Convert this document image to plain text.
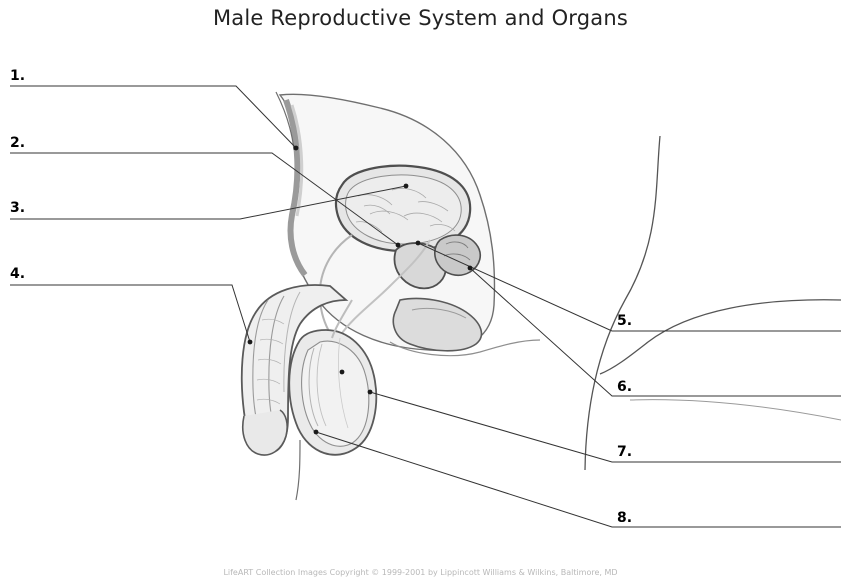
Male Reproductive System and Organs
1.
2.
3.
4.
5.
6.
7.
8.
LifeART Collection Images Copyright © 1999-2001 by Lippincott Williams & Wilkins, Baltimore, MD
